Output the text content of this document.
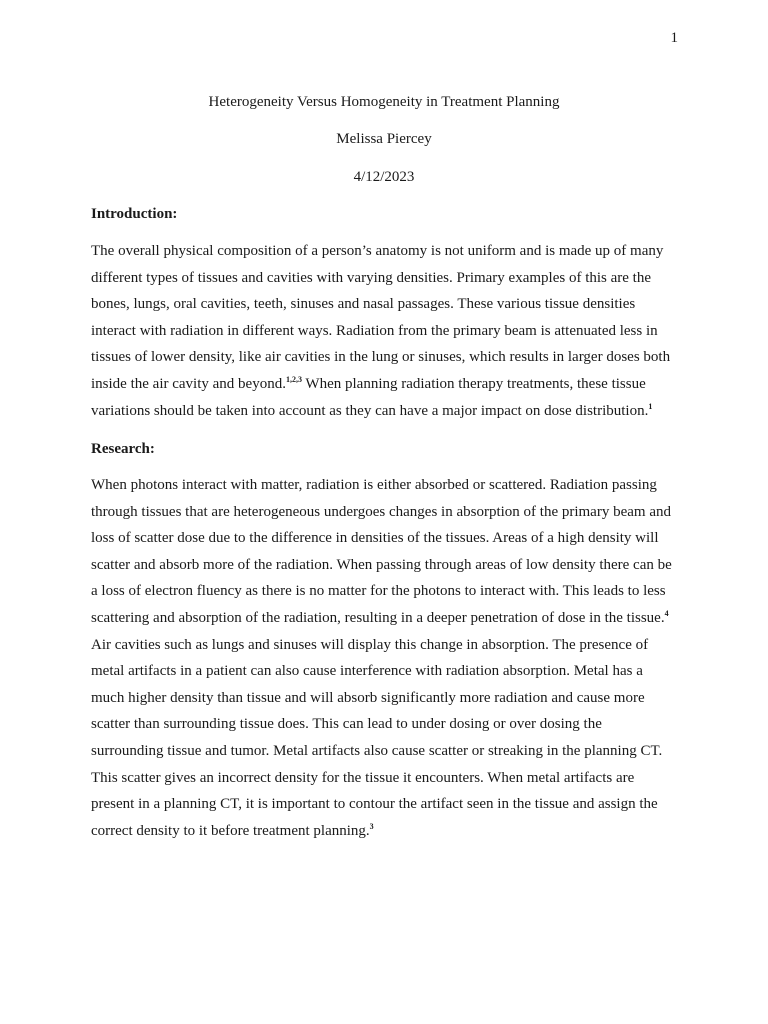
1
Heterogeneity Versus Homogeneity in Treatment Planning
Melissa Piercey
4/12/2023
Introduction:
The overall physical composition of a person’s anatomy is not uniform and is made up of many
different types of tissues and cavities with varying densities. Primary examples of this are the
bones, lungs, oral cavities, teeth, sinuses and nasal passages. These various tissue densities
interact with radiation in different ways. Radiation from the primary beam is attenuated less in
tissues of lower density, like air cavities in the lung or sinuses, which results in larger doses both
inside the air cavity and beyond.$^{1,2,3}$ When planning radiation therapy treatments, these tissue
variations should be taken into account as they can have a major impact on dose distribution.$^1$
Research:
When photons interact with matter, radiation is either absorbed or scattered. Radiation passing
through tissues that are heterogeneous undergoes changes in absorption of the primary beam and
loss of scatter dose due to the difference in densities of the tissues. Areas of a high density will
scatter and absorb more of the radiation. When passing through areas of low density there can be
a loss of electron fluency as there is no matter for the photons to interact with. This leads to less
scattering and absorption of the radiation, resulting in a deeper penetration of dose in the tissue.$^4$
Air cavities such as lungs and sinuses will display this change in absorption. The presence of
metal artifacts in a patient can also cause interference with radiation absorption. Metal has a
much higher density than tissue and will absorb significantly more radiation and cause more
scatter than surrounding tissue does. This can lead to under dosing or over dosing the
surrounding tissue and tumor. Metal artifacts also cause scatter or streaking in the planning CT.
This scatter gives an incorrect density for the tissue it encounters. When metal artifacts are
present in a planning CT, it is important to contour the artifact seen in the tissue and assign the
correct density to it before treatment planning.$^3$
